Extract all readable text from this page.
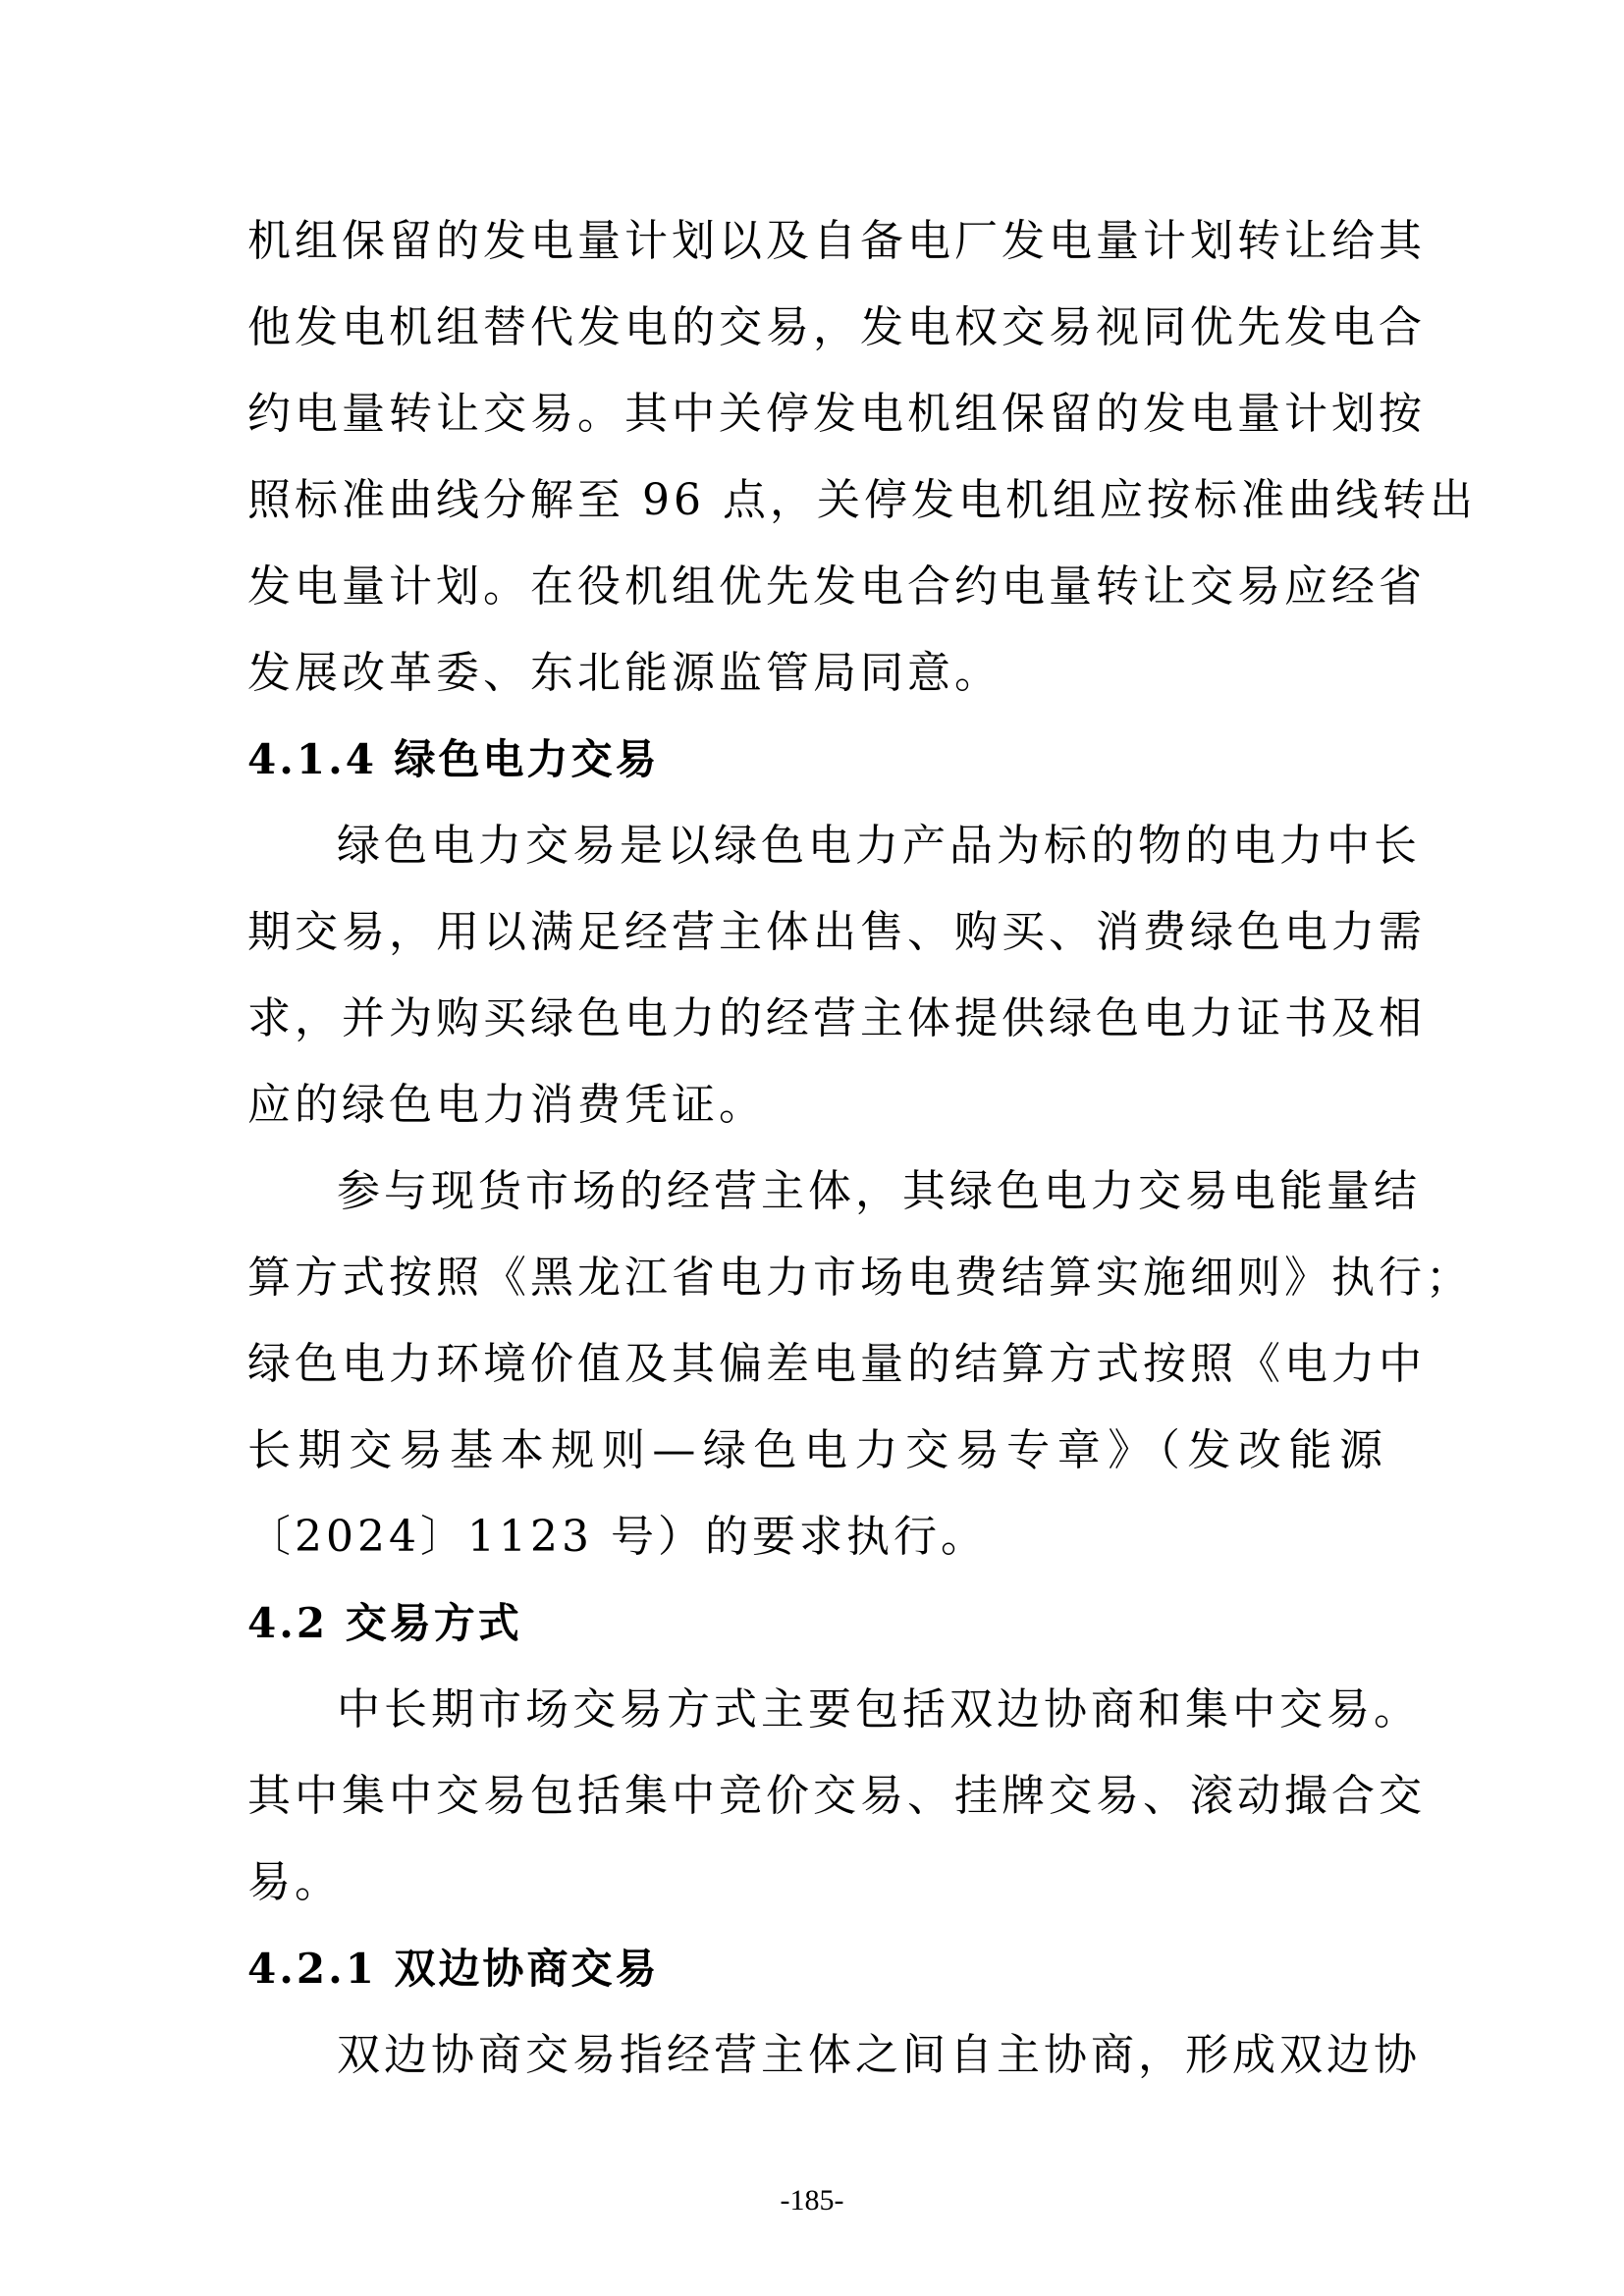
机组保留的发电量计划以及自备电厂发电量计划转让给其
他发电机组替代发电的交易，发电权交易视同优先发电合
约电量转让交易。其中关停发电机组保留的发电量计划按
照标准曲线分解至 96 点，关停发电机组应按标准曲线转出
发电量计划。在役机组优先发电合约电量转让交易应经省
发展改革委、东北能源监管局同意。
4.1.4 绿色电力交易
绿色电力交易是以绿色电力产品为标的物的电力中长
期交易，用以满足经营主体出售、购买、消费绿色电力需
求，并为购买绿色电力的经营主体提供绿色电力证书及相
应的绿色电力消费凭证。
参与现货市场的经营主体，其绿色电力交易电能量结
算方式按照《黑龙江省电力市场电费结算实施细则》执行；
绿色电力环境价值及其偏差电量的结算方式按照《电力中
长期交易基本规则—绿色电力交易专章》（发改能源
〔2024〕1123 号）的要求执行。
4.2 交易方式
中长期市场交易方式主要包括双边协商和集中交易。
其中集中交易包括集中竞价交易、挂牌交易、滚动撮合交
易。
4.2.1 双边协商交易
双边协商交易指经营主体之间自主协商，形成双边协
-185-
